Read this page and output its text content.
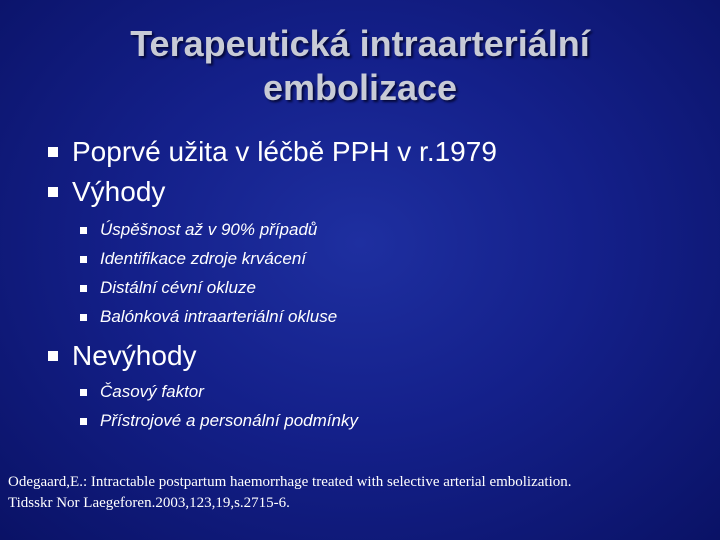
Terapeutická intraarteriální
embolizace
Poprvé užita v léčbě PPH v r.1979
Výhody
Úspěšnost až v 90% případů
Identifikace zdroje krvácení
Distální cévní okluze
Balónková intraarteriální okluse
Nevýhody
Časový faktor
Přístrojové a personální podmínky
Odegaard,E.: Intractable postpartum haemorrhage treated with selective arterial embolization.
Tidsskr Nor Laegeforen.2003,123,19,s.2715-6.
